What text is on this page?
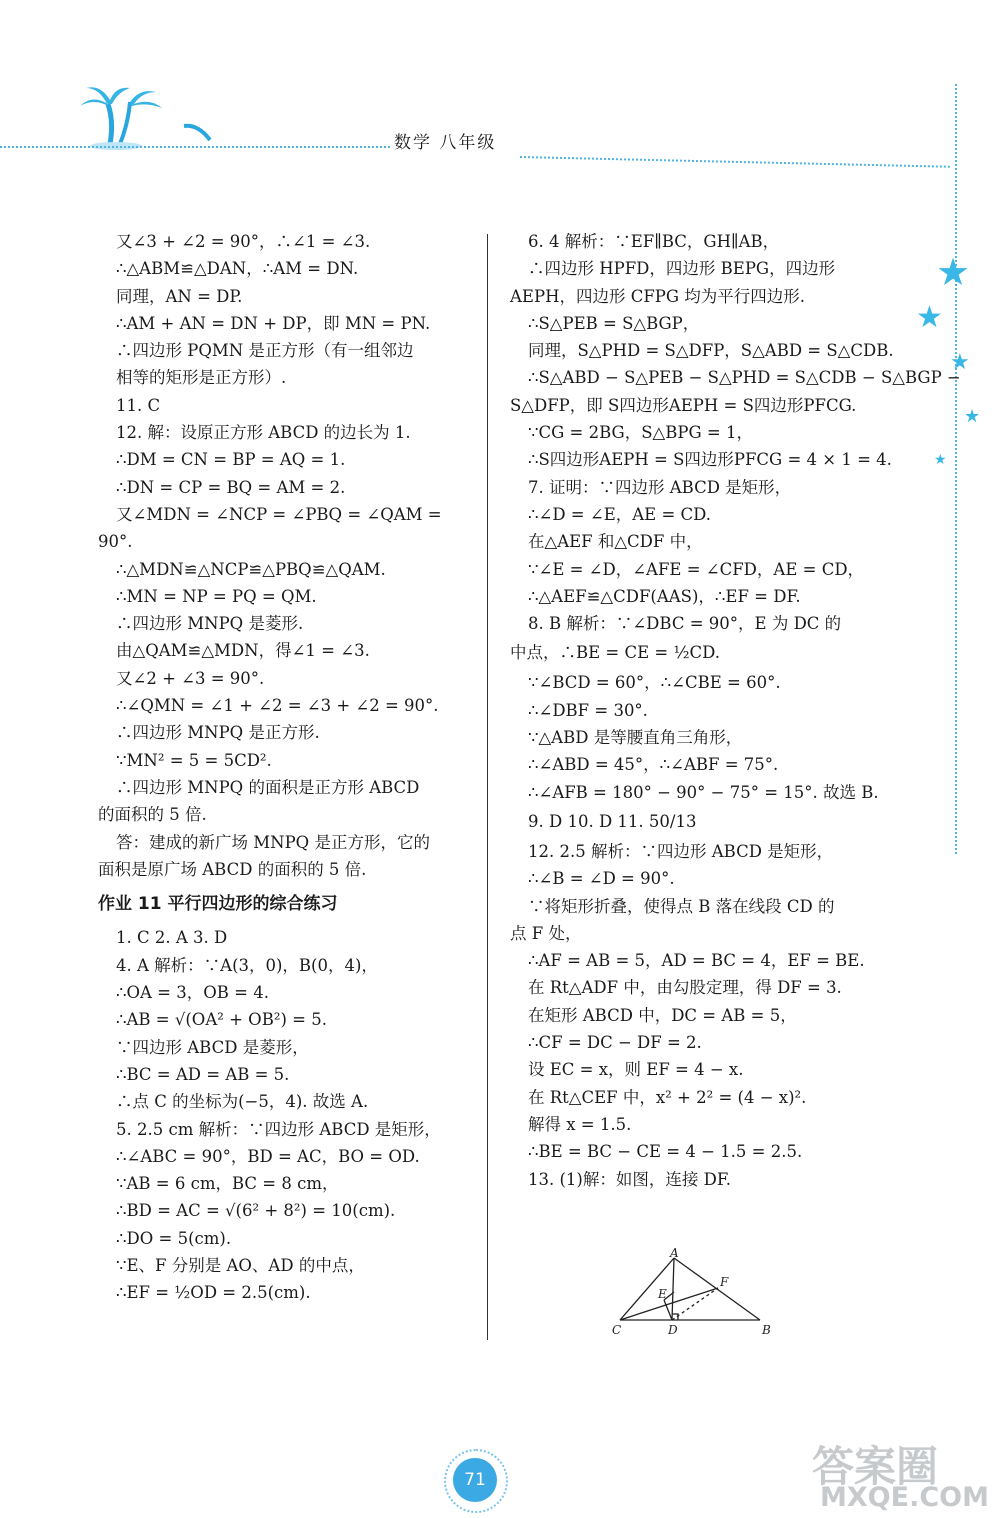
数学 八年级
★
★
★
★
★
又∠3 + ∠2 = 90°，∴∠1 = ∠3.
∴△ABM≌△DAN，∴AM = DN.
同理，AN = DP.
∴AM + AN = DN + DP，即 MN = PN.
∴四边形 PQMN 是正方形（有一组邻边
相等的矩形是正方形）.
11. C
12. 解：设原正方形 ABCD 的边长为 1.
∴DM = CN = BP = AQ = 1.
∴DN = CP = BQ = AM = 2.
又∠MDN = ∠NCP = ∠PBQ = ∠QAM =
90°.
∴△MDN≌△NCP≌△PBQ≌△QAM.
∴MN = NP = PQ = QM.
∴四边形 MNPQ 是菱形.
由△QAM≌△MDN，得∠1 = ∠3.
又∠2 + ∠3 = 90°.
∴∠QMN = ∠1 + ∠2 = ∠3 + ∠2 = 90°.
∴四边形 MNPQ 是正方形.
∵MN² = 5 = 5CD².
∴四边形 MNPQ 的面积是正方形 ABCD
的面积的 5 倍.
答：建成的新广场 MNPQ 是正方形，它的
面积是原广场 ABCD 的面积的 5 倍.
作业 11 平行四边形的综合练习
1. C 2. A 3. D
4. A 解析：∵A(3，0)，B(0，4)，
∴OA = 3，OB = 4.
∴AB = √(OA² + OB²) = 5.
∵四边形 ABCD 是菱形，
∴BC = AD = AB = 5.
∴点 C 的坐标为(−5，4). 故选 A.
5. 2.5 cm 解析：∵四边形 ABCD 是矩形，
∴∠ABC = 90°，BD = AC，BO = OD.
∵AB = 6 cm，BC = 8 cm，
∴BD = AC = √(6² + 8²) = 10(cm).
∴DO = 5(cm).
∵E、F 分别是 AO、AD 的中点，
∴EF = ½OD = 2.5(cm).
6. 4 解析：∵EF∥BC，GH∥AB，
∴四边形 HPFD，四边形 BEPG，四边形
AEPH，四边形 CFPG 均为平行四边形.
∴S△PEB = S△BGP，
同理，S△PHD = S△DFP，S△ABD = S△CDB.
∴S△ABD − S△PEB − S△PHD = S△CDB − S△BGP −
S△DFP，即 S四边形AEPH = S四边形PFCG.
∵CG = 2BG，S△BPG = 1，
∴S四边形AEPH = S四边形PFCG = 4 × 1 = 4.
7. 证明：∵四边形 ABCD 是矩形，
∴∠D = ∠E，AE = CD.
在△AEF 和△CDF 中，
∵∠E = ∠D，∠AFE = ∠CFD，AE = CD，
∴△AEF≌△CDF(AAS)，∴EF = DF.
8. B 解析：∵∠DBC = 90°，E 为 DC 的
中点，∴BE = CE = ½CD.
∵∠BCD = 60°，∴∠CBE = 60°.
∴∠DBF = 30°.
∵△ABD 是等腰直角三角形，
∴∠ABD = 45°，∴∠ABF = 75°.
∴∠AFB = 180° − 90° − 75° = 15°. 故选 B.
9. D 10. D 11. 50/13
12. 2.5 解析：∵四边形 ABCD 是矩形，
∴∠B = ∠D = 90°.
∵将矩形折叠，使得点 B 落在线段 CD 的
点 F 处，
∴AF = AB = 5，AD = BC = 4，EF = BE.
在 Rt△ADF 中，由勾股定理，得 DF = 3.
在矩形 ABCD 中，DC = AB = 5，
∴CF = DC − DF = 2.
设 EC = x，则 EF = 4 − x.
在 Rt△CEF 中，x² + 2² = (4 − x)².
解得 x = 1.5.
∴BE = BC − CE = 4 − 1.5 = 2.5.
13. (1)解：如图，连接 DF.
A
B
C	D
E
F
71	答案圈
MXQE.COM
